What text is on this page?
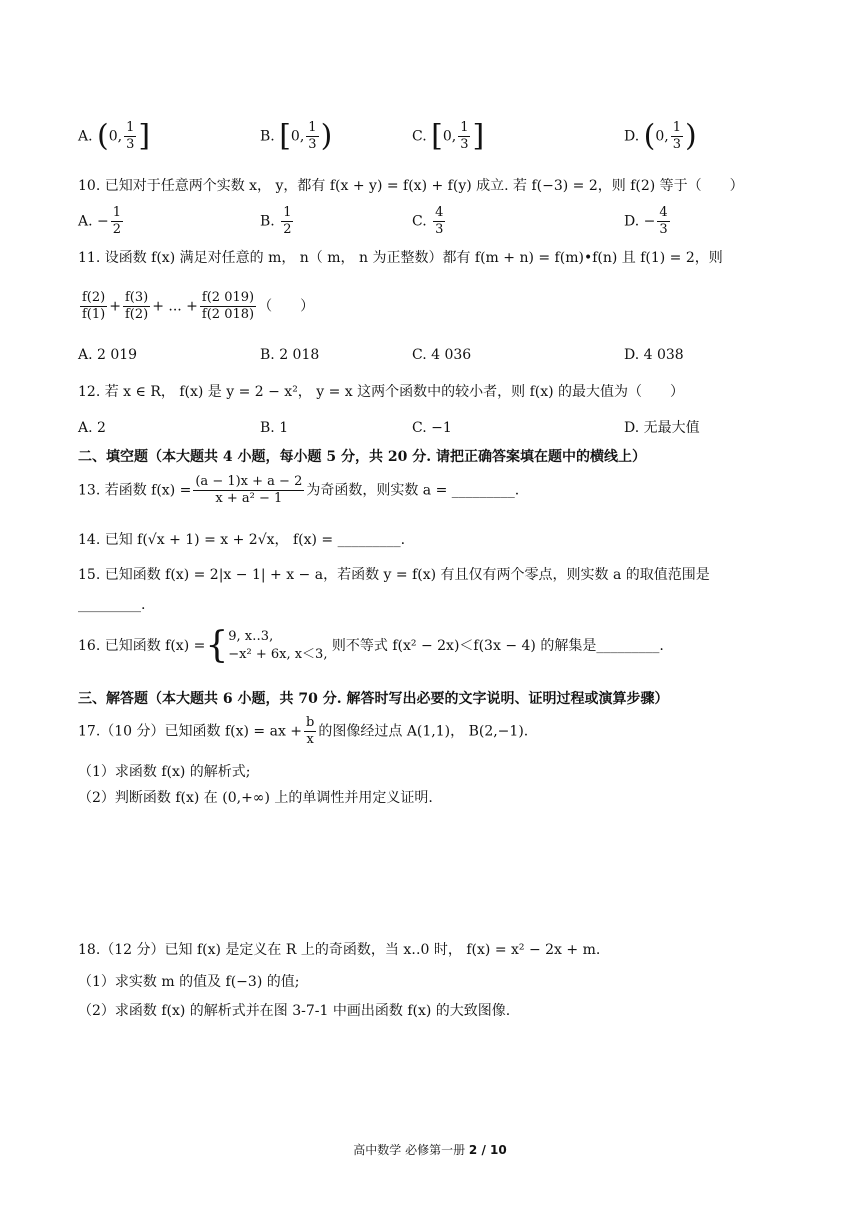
A. (0, $\frac{1}{3}$ ]	B. [0, $\frac{1}{3}$ )	C. [0, $\frac{1}{3}$ ]	D. (0, $\frac{1}{3}$ )
10. 已知对于任意两个实数 x， y，都有 f(x + y) = f(x) + f(y) 成立. 若 f(−3) = 2，则 f(2) 等于（　　）
A. − $\frac{1}{2}$	B. $\frac{1}{2}$	C. $\frac{4}{3}$	D. − $\frac{4}{3}$
11. 设函数 f(x) 满足对任意的 m， n（ m， n 为正整数）都有 f(m + n) = f(m)•f(n) 且 f(1) = 2，则
$\frac{f(2)}{f(1)} + \frac{f(3)}{f(2)}$ + ... + $\frac{f(2 019)}{f(2 018)}$ （　　）
A. 2 019	B. 2 018	C. 4 036	D. 4 038
12. 若 x ∈ R， f(x) 是 y = 2 − x²， y = x 这两个函数中的较小者，则 f(x) 的最大值为（　　）
A. 2	B. 1	C. −1	D. 无最大值
二、填空题（本大题共 4 小题，每小题 5 分，共 20 分. 请把正确答案填在题中的横线上）
13. 若函数 $f(x) = \frac{(a - 1)x + a - 2}{\text{x + a² − 1}}$ 为奇函数，则实数 a = _________.
14. 已知 f(√x + 1) = x + 2√x， f(x) = _________.
15. 已知函数 f(x) = 2|x − 1| + x − a，若函数 y = f(x) 有且仅有两个零点，则实数 a 的取值范围是
_________.
16. 已知函数 f(x) ={ 9, x‥3,
−x² + 6x, x＜3,
则不等式 f(x² − 2x)＜f(3x − 4) 的解集是_________.
三、解答题（本大题共 6 小题，共 70 分. 解答时写出必要的文字说明、证明过程或演算步骤）
17.（10 分）已知函数 f(x) = ax + $\frac{b}{x}$ 的图像经过点 A(1,1)， B(2,−1).
（1）求函数 f(x) 的解析式;
（2）判断函数 f(x) 在 (0,+∞) 上的单调性并用定义证明.
18.（12 分）已知 f(x) 是定义在 R 上的奇函数，当 x‥0 时， f(x) = x² − 2x + m.
（1）求实数 m 的值及 f(−3) 的值;
（2）求函数 f(x) 的解析式并在图 3-7-1 中画出函数 f(x) 的大致图像.
高中数学 必修第一册 2 / 10
